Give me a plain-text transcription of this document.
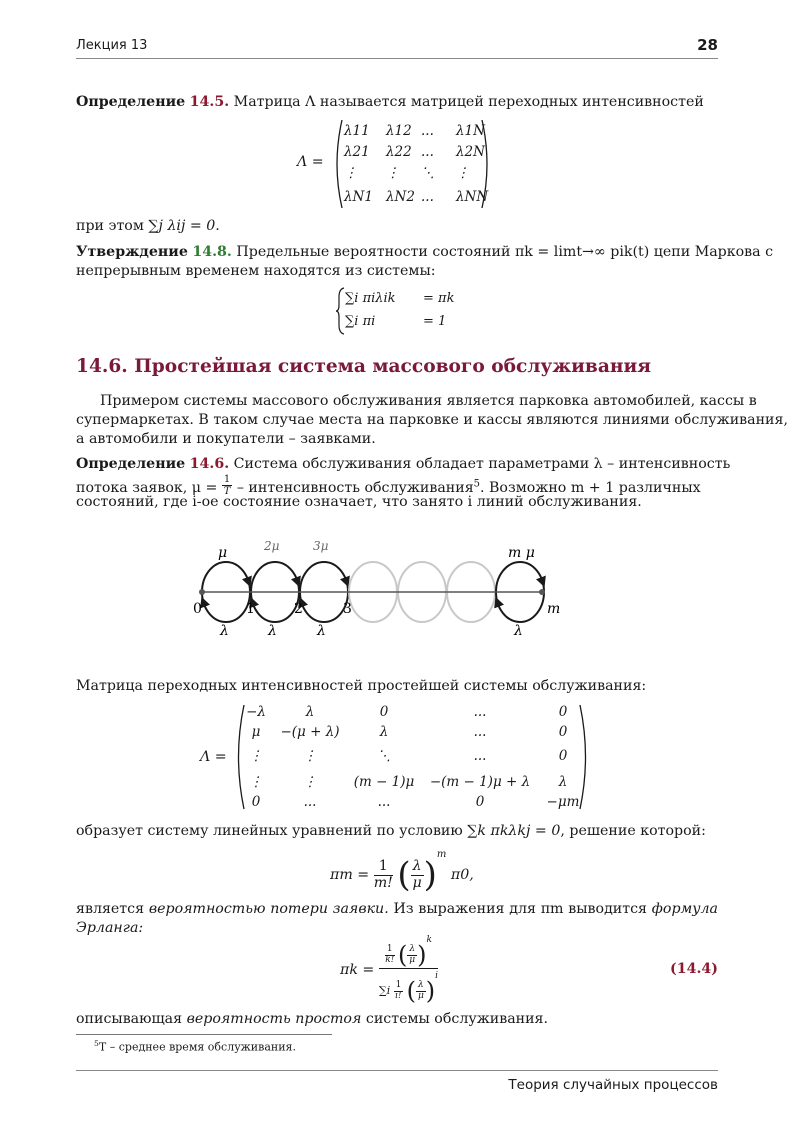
Лекция 13	28
Определение 14.5. Матрица Λ называется матрицей переходных интенсивностей
Λ =
λ11 λ12 ... λ1N
λ21 λ22 ... λ2N
⋮ ⋮ ⋱ ⋮
λN1 λN2 ... λNN
при этом ∑j λij = 0.
Утверждение 14.8. Предельные вероятности состояний πk = limt→∞ pik(t) цепи Маркова с
непрерывным временем находятся из системы:
∑i πiλik = πk
∑i πi	= 1
14.6. Простейшая система массового обслуживания
Примером системы массового обслуживания является парковка автомобилей, кассы в
супермаркетах. В таком случае места на парковке и кассы являются линиями обслуживания,
а автомобили и покупатели – заявками.
Определение 14.6. Система обслуживания обладает параметрами λ – интенсивность
потока заявок, $\mu = \frac{1}{T}$ – интенсивность обслуживания$^5$. Возможно m + 1 различных
состояний, где i-ое состояние означает, что занято i линий обслуживания.
0	1	2	3	m
μ	2μ	3μ	m μ
λ	λ	λ	λ
Матрица переходных интенсивностей простейшей системы обслуживания:
Λ =
−λ	λ	0	...	0
μ	−(μ + λ)	λ	...	0
⋮	⋮	⋱	...	0
⋮	⋮	(m − 1)μ	−(m − 1)μ + λ	λ
0	...	...	0	−μm
образует систему линейных уравнений по условию ∑k πkλkj = 0, решение которой:
$\pi m = \frac{1}{m!}$ ( $\frac{\lambda}{\mu} )^m$ π0,
является вероятностью потери заявки. Из выражения для πm выводится формула
Эрланга:
πk =
$\frac{1}{k!}$ ( $\frac{\lambda}{\mu} )^k$
$\sum i \frac{1}{i!}$ ( $\frac{\lambda}{\mu} )^i$	(14.4)
описывающая вероятность простоя системы обслуживания.
$^5$T – среднее время обслуживания.
Теория случайных процессов
